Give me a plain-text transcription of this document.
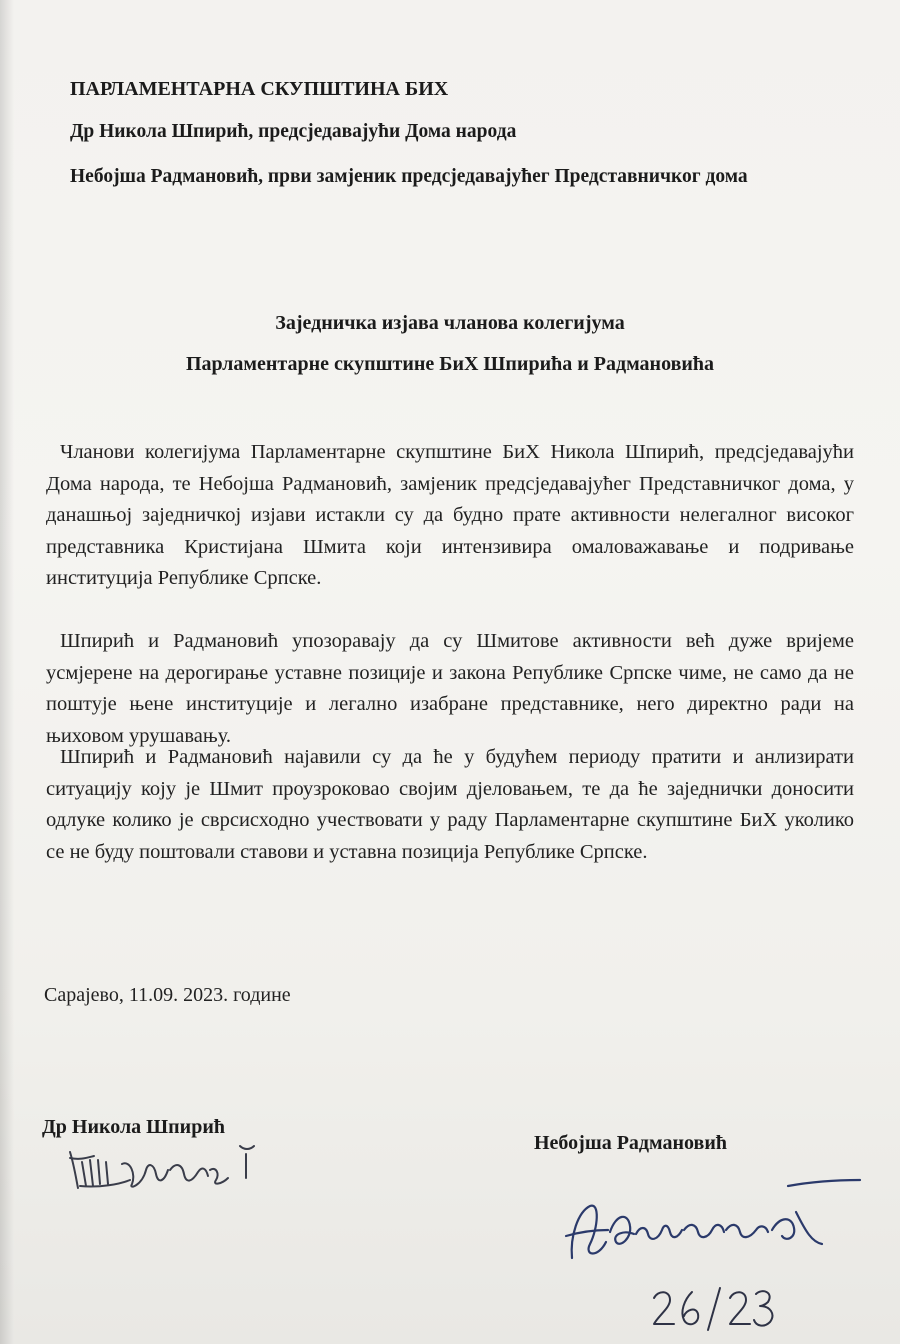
ПАРЛАМЕНТАРНА СКУПШТИНА БИХ
Др Никола Шпирић, предсједавајући Дома народа
Небојша Радмановић, први замјеник предсједавајућег Представничког дома
Заједничка изјава чланова колегијума
Парламентарне скупштине БиХ Шпирића и Радмановића
Чланови колегијума Парламентарне скупштине БиХ Никола Шпирић, предсједавајући Дома народа, те Небојша Радмановић, замјеник предсједавајућег Представничког дома, у данашњој заједничкој изјави истакли су да будно прате активности нелегалног високог представника Кристијана Шмита који интензивира омаловажавање и подривање институција Републике Српске.
Шпирић и Радмановић упозоравају да су Шмитове активности већ дуже вријеме усмјерене на дерогирање уставне позиције и закона Републике Српске чиме, не само да не поштује њене институције и легално изабране представнике, него директно ради на њиховом урушавању.
Шпирић и Радмановић најавили су да ће у будућем периоду пратити и анлизирати ситуацију коју је Шмит проузроковао својим дјеловањем, те да ће заједнички доносити одлуке колико је сврсисходно учествовати у раду Парламентарне скупштине БиХ уколико се не буду поштовали ставови и уставна позиција Републике Српске.
Сарајево, 11.09. 2023. године
Др Никола Шпирић
Небојша Радмановић
